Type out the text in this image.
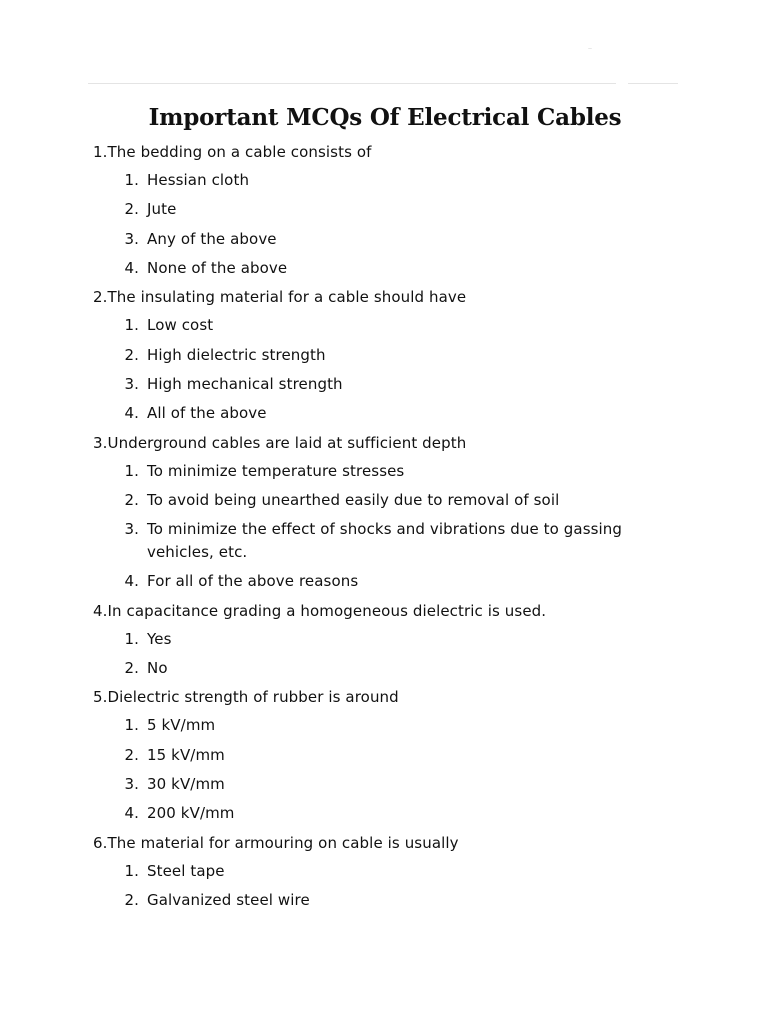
—
Important MCQs Of Electrical Cables

1.The bedding on a cable consists of

1. Hessian cloth
2. Jute
3. Any of the above
4. None of the above

2.The insulating material for a cable should have

1. Low cost
2. High dielectric strength
3. High mechanical strength
4. All of the above

3.Underground cables are laid at sufficient depth

1. To minimize temperature stresses
2. To avoid being unearthed easily due to removal of soil
3. To minimize the effect of shocks and vibrations due to gassing vehicles, etc.
4. For all of the above reasons

4.In capacitance grading a homogeneous dielectric is used.

1. Yes
2. No

5.Dielectric strength of rubber is around

1. 5 kV/mm
2. 15 kV/mm
3. 30 kV/mm
4. 200 kV/mm

6.The material for armouring on cable is usually

1. Steel tape
2. Galvanized steel wire
